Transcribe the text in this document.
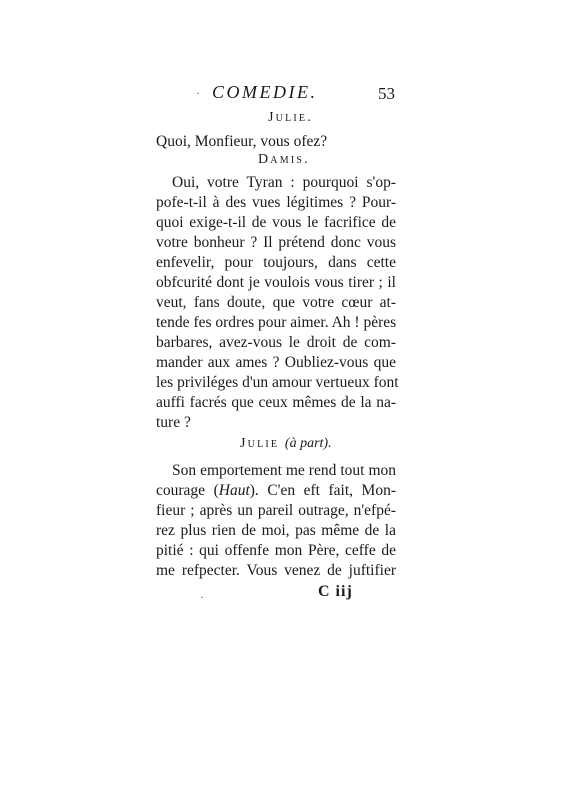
· COMEDIE.	53
Julie.
Quoi, Monfieur, vous ofez?
Damis.
Oui, votre Tyran : pourquoi s'op-
pofe-t-il à des vues légitimes ? Pour-
quoi exige-t-il de vous le facrifice de
votre bonheur ? Il prétend donc vous
enfevelir, pour toujours, dans cette
obfcurité dont je voulois vous tirer ; il
veut, fans doute, que votre cœur at-
tende fes ordres pour aimer. Ah ! pères
barbares, avez-vous le droit de com-
mander aux ames ? Oubliez-vous que
les priviléges d'un amour vertueux font
auffi facrés que ceux mêmes de la na-
ture ?
Julie (à part).
Son emportement me rend tout mon
courage (Haut). C'en eft fait, Mon-
fieur ; après un pareil outrage, n'efpé-
rez plus rien de moi, pas même de la
pitié : qui offenfe mon Père, ceffe de
me refpecter. Vous venez de juftifier
C iij
·
